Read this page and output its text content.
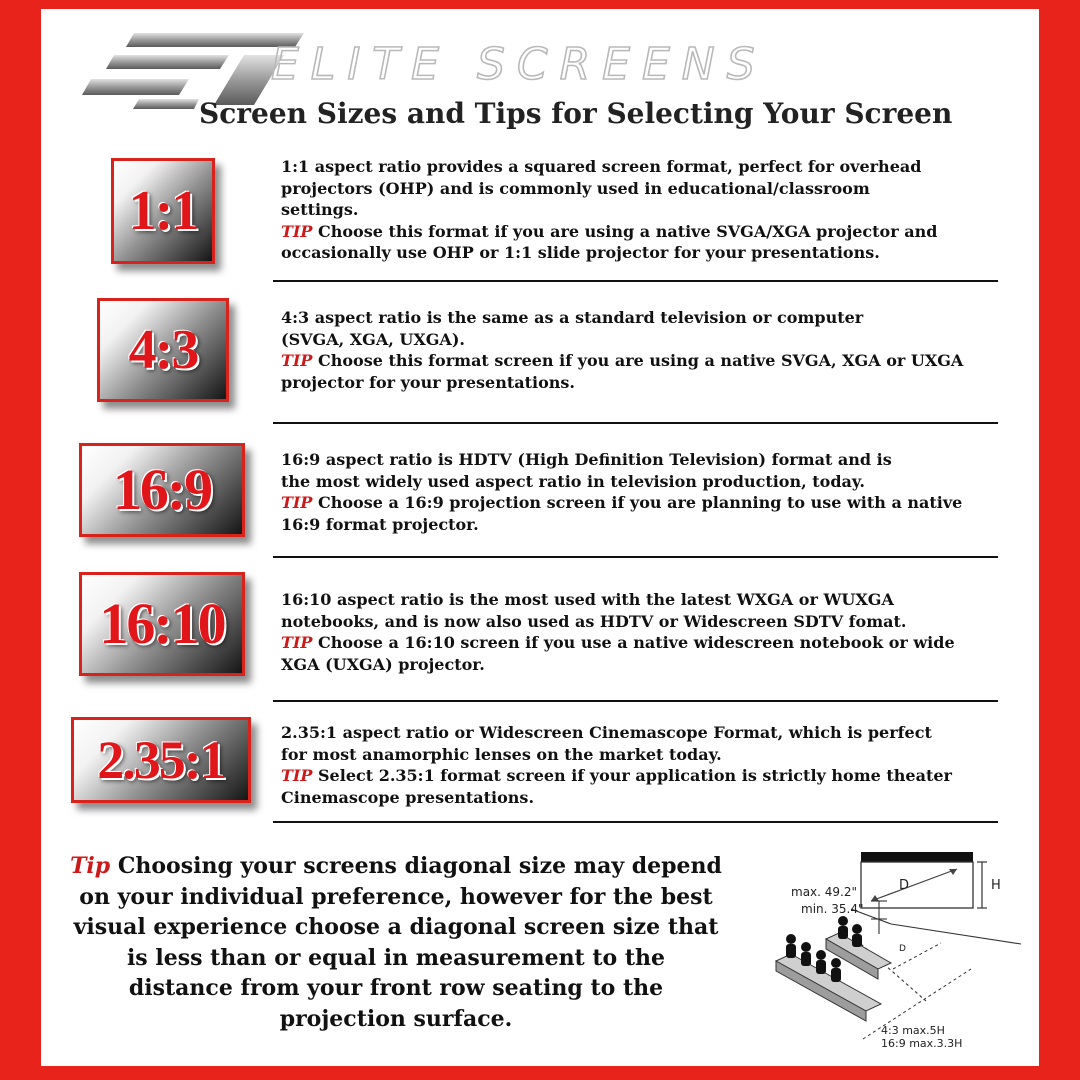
ELITE SCREENS
Screen Sizes and Tips for Selecting Your Screen
1:1

1:1 aspect ratio provides a squared screen format, perfect for overhead
projectors (OHP) and is commonly used in educational/classroom
settings.
TIP Choose this format if you are using a native SVGA/XGA projector and
occasionally use OHP or 1:1 slide projector for your presentations.

4:3

4:3 aspect ratio is the same as a standard television or computer
(SVGA, XGA, UXGA).
TIP Choose this format screen if you are using a native SVGA, XGA or UXGA
projector for your presentations.

16:9	16:9 aspect ratio is HDTV (High Definition Television) format and is
the most widely used aspect ratio in television production, today.
TIP Choose a 16:9 projection screen if you are planning to use with a native
16:9 format projector.

16:10	16:10 aspect ratio is the most used with the latest WXGA or WUXGA
notebooks, and is now also used as HDTV or Widescreen SDTV fomat.
TIP Choose a 16:10 screen if you use a native widescreen notebook or wide
XGA (UXGA) projector.

2.35:1	2.35:1 aspect ratio or Widescreen Cinemascope Format, which is perfect
for most anamorphic lenses on the market today.
TIP Select 2.35:1 format screen if your application is strictly home theater
Cinemascope presentations.

Tip Choosing your screens diagonal size may depend
on your individual preference, however for the best
visual experience choose a diagonal screen size that
is less than or equal in measurement to the
distance from your front row seating to the
projection surface.

D	H
D
max. 49.2"
min. 35.4"
4:3 max.5H
16:9 max.3.3H
